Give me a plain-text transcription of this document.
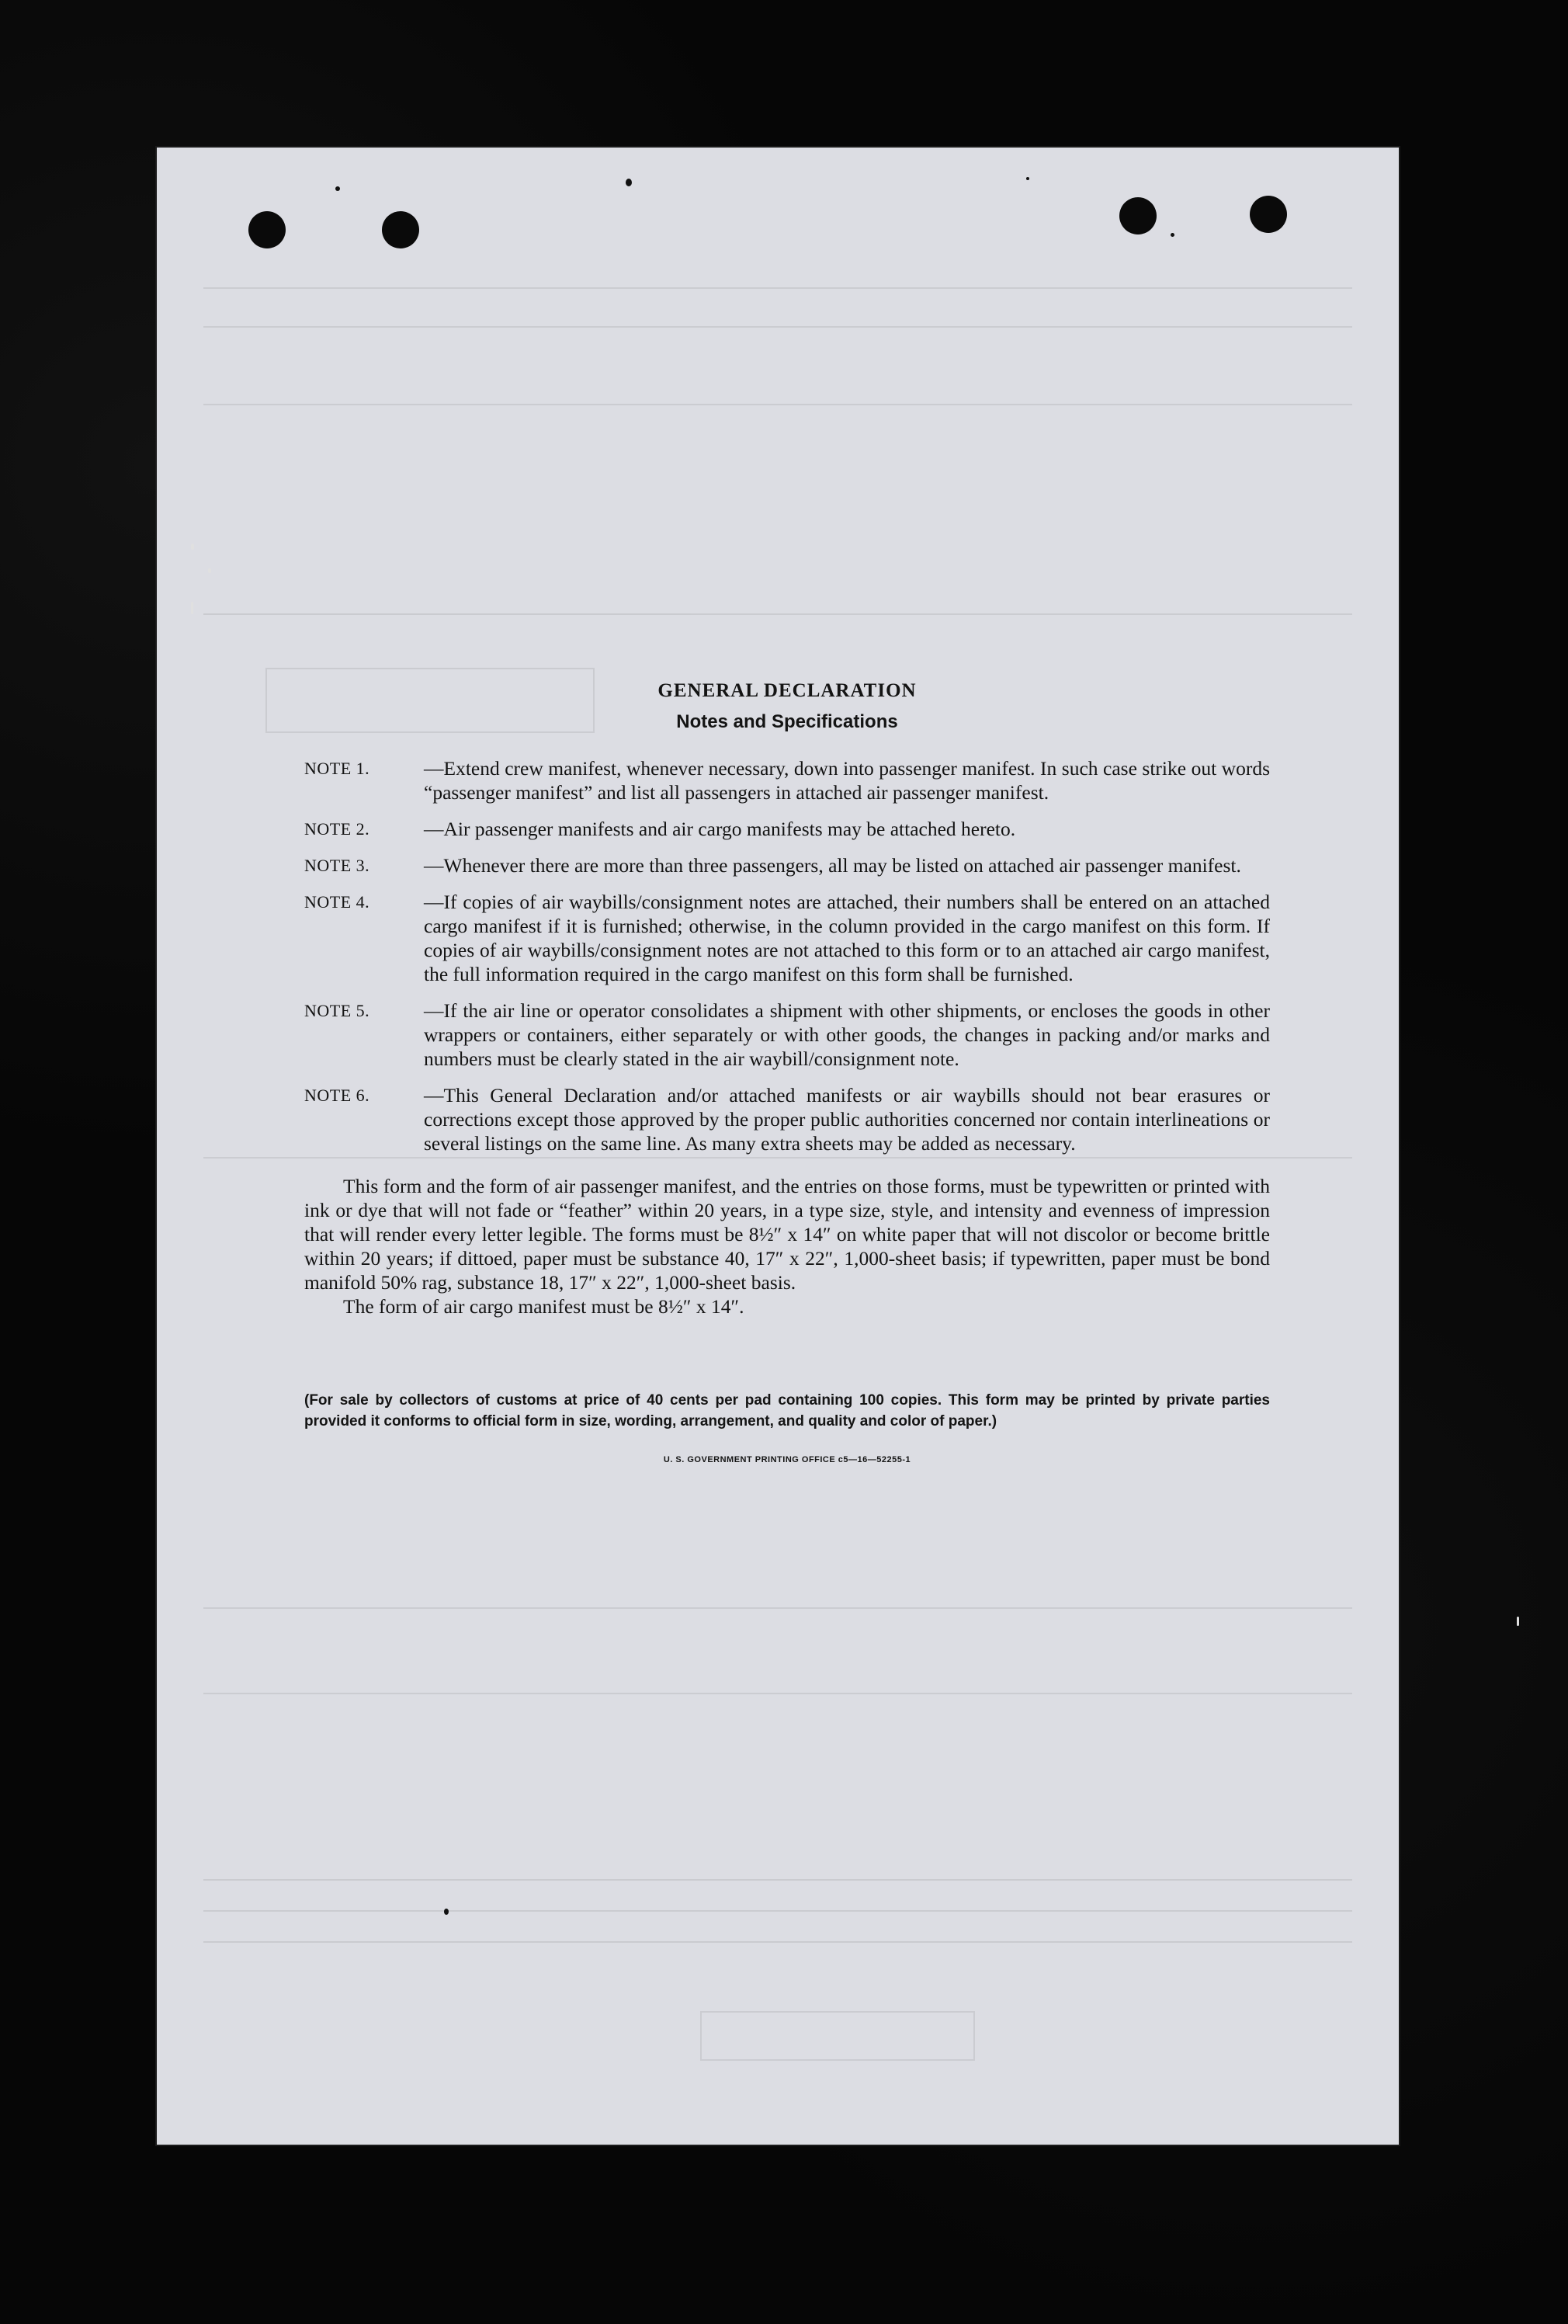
GENERAL DECLARATION
Notes and Specifications
NOTE 1.	—Extend crew manifest, whenever necessary, down into passenger manifest. In such case strike out words “passenger manifest” and list all passengers in attached air passenger manifest.
NOTE 2.	—Air passenger manifests and air cargo manifests may be attached hereto.
NOTE 3.	—Whenever there are more than three passengers, all may be listed on attached air passenger manifest.
NOTE 4.	—If copies of air waybills/consignment notes are attached, their numbers shall be entered on an attached cargo manifest if it is furnished; otherwise, in the column provided in the cargo manifest on this form. If copies of air waybills/consignment notes are not attached to this form or to an attached air cargo manifest, the full information required in the cargo manifest on this form shall be furnished.
NOTE 5.	—If the air line or operator consolidates a shipment with other shipments, or encloses the goods in other wrappers or containers, either separately or with other goods, the changes in packing and/or marks and numbers must be clearly stated in the air waybill/consignment note.
NOTE 6.	—This General Declaration and/or attached manifests or air waybills should not bear erasures or corrections except those approved by the proper public authorities concerned nor contain interlineations or several listings on the same line. As many extra sheets may be added as necessary.
This form and the form of air passenger manifest, and the entries on those forms, must be typewritten or printed with ink or dye that will not fade or “feather” within 20 years, in a type size, style, and intensity and evenness of impression that will render every letter legible. The forms must be 8½″ x 14″ on white paper that will not discolor or become brittle within 20 years; if dittoed, paper must be substance 40, 17″ x 22″, 1,000-sheet basis; if typewritten, paper must be bond manifold 50% rag, substance 18, 17″ x 22″, 1,000-sheet basis.
The form of air cargo manifest must be 8½″ x 14″.
(For sale by collectors of customs at price of 40 cents per pad containing 100 copies. This form may be printed by private parties provided it conforms to official form in size, wording, arrangement, and quality and color of paper.)
U. S. GOVERNMENT PRINTING OFFICE c5—16—52255-1
